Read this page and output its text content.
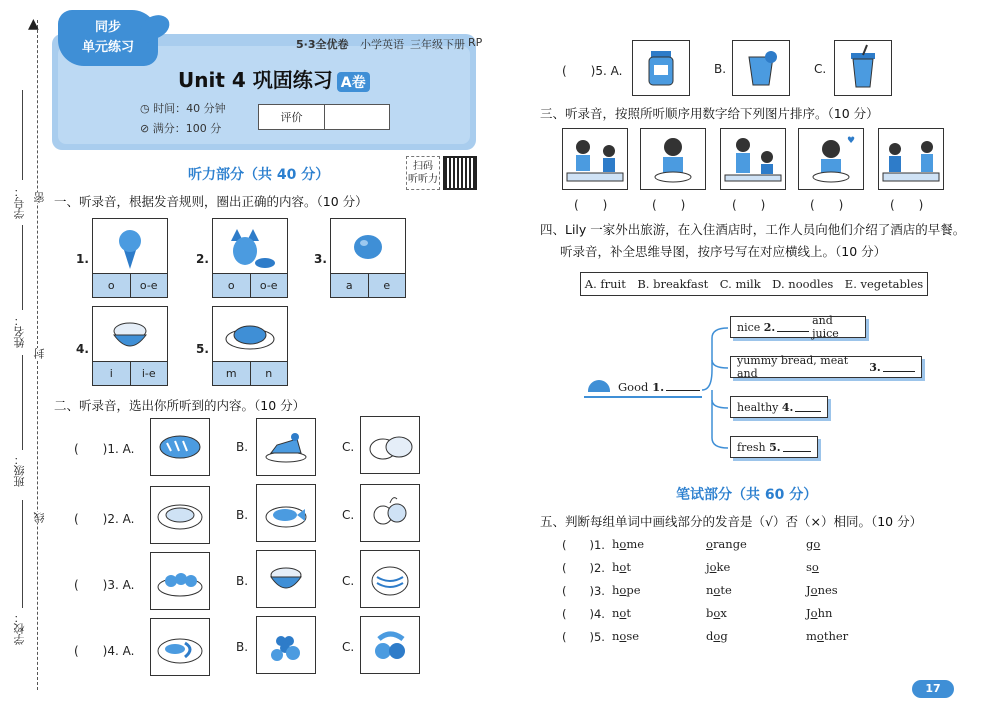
学号：
姓名：
班级：
学校：
密
封
线
▲	同步
单元练习	5·3全优卷 小学英语 三年级下册 RP
Unit 4 巩固练习 A卷
◷ 时间：40 分钟
⊘ 满分：100 分
评价
听力部分（共 40 分）
扫码
听听力
一、听录音，根据发音规则，圈出正确的内容。（10 分）
1.
o	o-e
2.
o	o-e
3.
a	e
4.
i	i-e
5.
m	n
二、听录音，选出你所听到的内容。（10 分）
(　　)1. A.	B.	C.
(　　)2. A.	B.	C.
(　　)3. A.	B.	C.
(　　)4. A.	B.	C.
(　　)5. A.	B.	C.
三、听录音，按照所听顺序用数字给下列图片排序。（10 分）
♥
(　　)	(　　)	(　　)	(　　)	(　　)
四、Lily 一家外出旅游，在入住酒店时，工作人员向他们介绍了酒店的早餐。
听录音，补全思维导图，按序号写在对应横线上。（10 分）
A. fruit　B. breakfast　C. milk　D. noodles　E. vegetables
Good 1.
nice
2.
	and juice
yummy bread, meat and
	3.
healthy
4.
fresh
5.
笔试部分（共 60 分）
五、判断每组单词中画线部分的发音是（√）否（×）相同。（10 分）
(　　)1. home	orange	go
(　　)2. hot	joke	so
(　　)3. hope	note	Jones
(　　)4. not	box	John
(　　)5. nose	dog	mother
17
